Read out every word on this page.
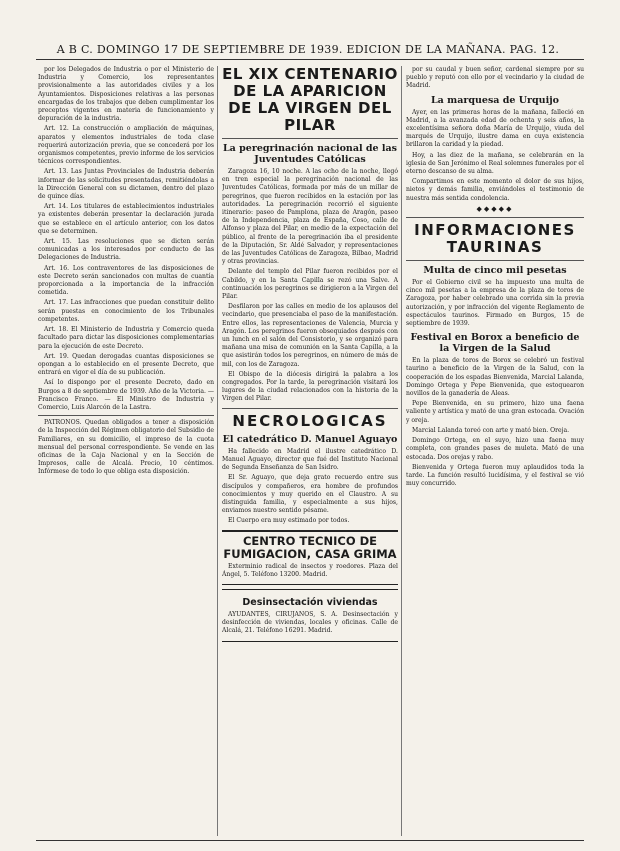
A B C. DOMINGO 17 DE SEPTIEMBRE DE 1939. EDICION DE LA MAÑANA. PAG. 12.

por los Delegados de Industria o por el Ministerio de Industria y Comercio, los representantes provisionalmente a las autoridades civiles y a los Ayuntamientos. Disposiciones relativas a las personas encargadas de los trabajos que deben cumplimentar los preceptos vigentes en materia de funcionamiento y depuración de la industria.

Art. 12. La construcción o ampliación de máquinas, aparatos y elementos industriales de toda clase requerirá autorización previa, que se concederá por los organismos competentes, previo informe de los servicios técnicos correspondientes.

Art. 13. Las Juntas Provinciales de Industria deberán informar de las solicitudes presentadas, remitiéndolas a la Dirección General con su dictamen, dentro del plazo de quince días.

Art. 14. Los titulares de establecimientos industriales ya existentes deberán presentar la declaración jurada que se establece en el artículo anterior, con los datos que se determinen.

Art. 15. Las resoluciones que se dicten serán comunicadas a los interesados por conducto de las Delegaciones de Industria.

Art. 16. Los contraventores de las disposiciones de este Decreto serán sancionados con multas de cuantía proporcionada a la importancia de la infracción cometida.

Art. 17. Las infracciones que puedan constituir delito serán puestas en conocimiento de los Tribunales competentes.

Art. 18. El Ministerio de Industria y Comercio queda facultado para dictar las disposiciones complementarias para la ejecución de este Decreto.

Art. 19. Quedan derogadas cuantas disposiciones se opongan a lo establecido en el presente Decreto, que entrará en vigor el día de su publicación.

Así lo dispongo por el presente Decreto, dado en Burgos a 8 de septiembre de 1939. Año de la Victoria. — Francisco Franco. — El Ministro de Industria y Comercio, Luis Alarcón de la Lastra.

PATRONOS. Quedan obligados a tener a disposición de la Inspección del Régimen obligatorio del Subsidio de Familiares, en su domicilio, el impreso de la cuota mensual del personal correspondiente. Se vende en las oficinas de la Caja Nacional y en la Sección de Impresos, calle de Alcalá. Precio, 10 céntimos. Infórmese de todo lo que obliga esta disposición.

EL XIX CENTENARIO DE LA APARICION DE LA VIRGEN DEL PILAR
La peregrinación nacional de las Juventudes Católicas

Zaragoza 16, 10 noche. A las ocho de la noche, llegó en tren especial la peregrinación nacional de las Juventudes Católicas, formada por más de un millar de peregrinos, que fueron recibidos en la estación por las autoridades. La peregrinación recorrió el siguiente itinerario: paseo de Pamplona, plaza de Aragón, paseo de la Independencia, plaza de España, Coso, calle de Alfonso y plaza del Pilar, en medio de la expectación del público, al frente de la peregrinación iba el presidente de la Diputación, Sr. Aldé Salvador, y representaciones de las Juventudes Católicas de Zaragoza, Bilbao, Madrid y otras provincias.

Delante del templo del Pilar fueron recibidos por el Cabildo, y en la Santa Capilla se rezó una Salve. A continuación los peregrinos se dirigieron a la Virgen del Pilar.

Desfilaron por las calles en medio de los aplausos del vecindario, que presenciaba el paso de la manifestación. Entre ellos, las representaciones de Valencia, Murcia y Aragón. Los peregrinos fueron obsequiados después con un lunch en el salón del Consistorio, y se organizó para mañana una misa de comunión en la Santa Capilla, a la que asistirán todos los peregrinos, en número de más de mil, con los de Zaragoza.

El Obispo de la diócesis dirigirá la palabra a los congregados. Por la tarde, la peregrinación visitará los lugares de la ciudad relacionados con la historia de la Virgen del Pilar.

NECROLOGICAS
El catedrático D. Manuel Aguayo

Ha fallecido en Madrid el ilustre catedrático D. Manuel Aguayo, director que fué del Instituto Nacional de Segunda Enseñanza de San Isidro.

El Sr. Aguayo, que deja grato recuerdo entre sus discípulos y compañeros, era hombre de profundos conocimientos y muy querido en el Claustro. A su distinguida familia, y especialmente a sus hijos, enviamos nuestro sentido pésame.

El Cuerpo era muy estimado por todos.

CENTRO TECNICO DE FUMIGACION, CASA GRIMA

Exterminio radical de insectos y roedores. Plaza del Ángel, 5. Teléfono 13200. Madrid.

Desinsectación viviendas

AYUDANTES, CIRUJANOS, S. A. Desinsectación y desinfección de viviendas, locales y oficinas. Calle de Alcalá, 21. Teléfono 16291. Madrid.

por su caudal y buen señor, cardenal siempre por su pueblo y reputó con ello por el vecindario y la ciudad de Madrid.

La marquesa de Urquijo

Ayer, en las primeras horas de la mañana, falleció en Madrid, a la avanzada edad de ochenta y seis años, la excelentísima señora doña María de Urquijo, viuda del marqués de Urquijo, ilustre dama en cuya existencia brillaron la caridad y la piedad.

Hoy, a las diez de la mañana, se celebrarán en la iglesia de San Jerónimo el Real solemnes funerales por el eterno descanso de su alma.

Compartimos en este momento el dolor de sus hijos, nietos y demás familia, enviándoles el testimonio de nuestra más sentida condolencia.

◆◆◆◆◆
INFORMACIONES TAURINAS
Multa de cinco mil pesetas

Por el Gobierno civil se ha impuesto una multa de cinco mil pesetas a la empresa de la plaza de toros de Zaragoza, por haber celebrado una corrida sin la previa autorización, y por infracción del vigente Reglamento de espectáculos taurinos. Firmado en Burgos, 15 de septiembre de 1939.

Festival en Borox a beneficio de la Virgen de la Salud

En la plaza de toros de Borox se celebró un festival taurino a beneficio de la Virgen de la Salud, con la cooperación de los espadas Bienvenida, Marcial Lalanda, Domingo Ortega y Pepe Bienvenida, que estoquearon novillos de la ganadería de Aleas.

Pepe Bienvenida, en su primero, hizo una faena valiente y artística y mató de una gran estocada. Ovación y oreja.

Marcial Lalanda toreó con arte y mató bien. Oreja.

Domingo Ortega, en el suyo, hizo una faena muy completa, con grandes pases de muleta. Mató de una estocada. Dos orejas y rabo.

Bienvenida y Ortega fueron muy aplaudidos toda la tarde. La función resultó lucidísima, y el festival se vió muy concurrido.
